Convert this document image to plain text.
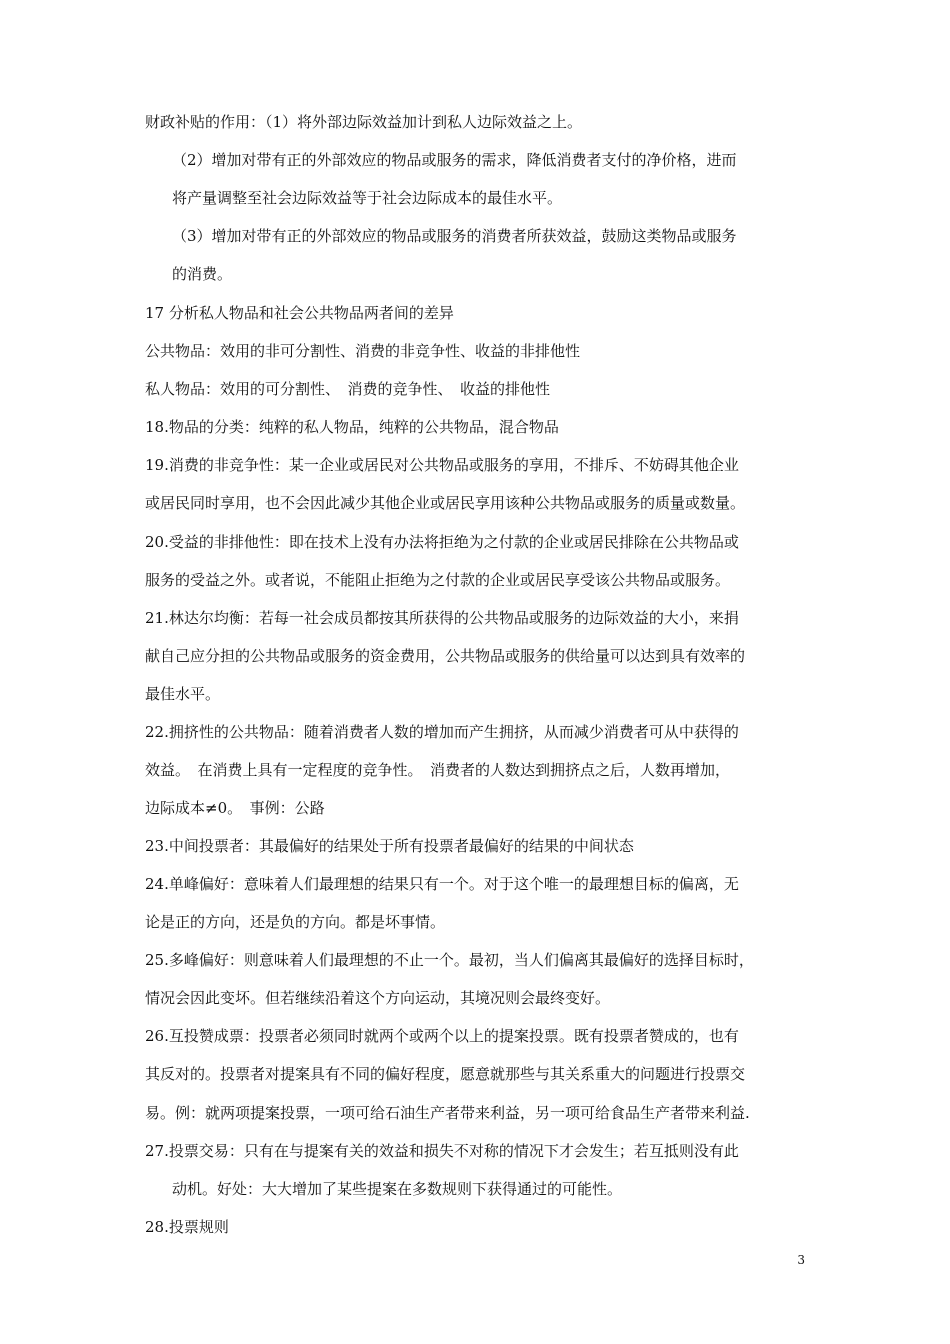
财政补贴的作用：（1）将外部边际效益加计到私人边际效益之上。
（2）增加对带有正的外部效应的物品或服务的需求，降低消费者支付的净价格，进而
将产量调整至社会边际效益等于社会边际成本的最佳水平。
（3）增加对带有正的外部效应的物品或服务的消费者所获效益，鼓励这类物品或服务
的消费。
17 分析私人物品和社会公共物品两者间的差异
公共物品：效用的非可分割性、消费的非竞争性、收益的非排他性
私人物品：效用的可分割性、　消费的竞争性、　收益的排他性
18.物品的分类：纯粹的私人物品，纯粹的公共物品，混合物品
19.消费的非竞争性：某一企业或居民对公共物品或服务的享用，不排斥、不妨碍其他企业
或居民同时享用，也不会因此减少其他企业或居民享用该种公共物品或服务的质量或数量。
20.受益的非排他性：即在技术上没有办法将拒绝为之付款的企业或居民排除在公共物品或
服务的受益之外。或者说，不能阻止拒绝为之付款的企业或居民享受该公共物品或服务。
21.林达尔均衡：若每一社会成员都按其所获得的公共物品或服务的边际效益的大小，来捐
献自己应分担的公共物品或服务的资金费用，公共物品或服务的供给量可以达到具有效率的
最佳水平。
22.拥挤性的公共物品：随着消费者人数的增加而产生拥挤，从而减少消费者可从中获得的
效益。　在消费上具有一定程度的竞争性。　消费者的人数达到拥挤点之后，人数再增加，
边际成本≠0。　事例：公路
23.中间投票者：其最偏好的结果处于所有投票者最偏好的结果的中间状态
24.单峰偏好：意味着人们最理想的结果只有一个。对于这个唯一的最理想目标的偏离，无
论是正的方向，还是负的方向。都是坏事情。
25.多峰偏好：则意味着人们最理想的不止一个。最初，当人们偏离其最偏好的选择目标时，
情况会因此变坏。但若继续沿着这个方向运动，其境况则会最终变好。
26.互投赞成票：投票者必须同时就两个或两个以上的提案投票。既有投票者赞成的，也有
其反对的。投票者对提案具有不同的偏好程度，愿意就那些与其关系重大的问题进行投票交
易。例：就两项提案投票，一项可给石油生产者带来利益，另一项可给食品生产者带来利益.
27.投票交易：只有在与提案有关的效益和损失不对称的情况下才会发生；若互抵则没有此
动机。好处：大大增加了某些提案在多数规则下获得通过的可能性。
28.投票规则
3
